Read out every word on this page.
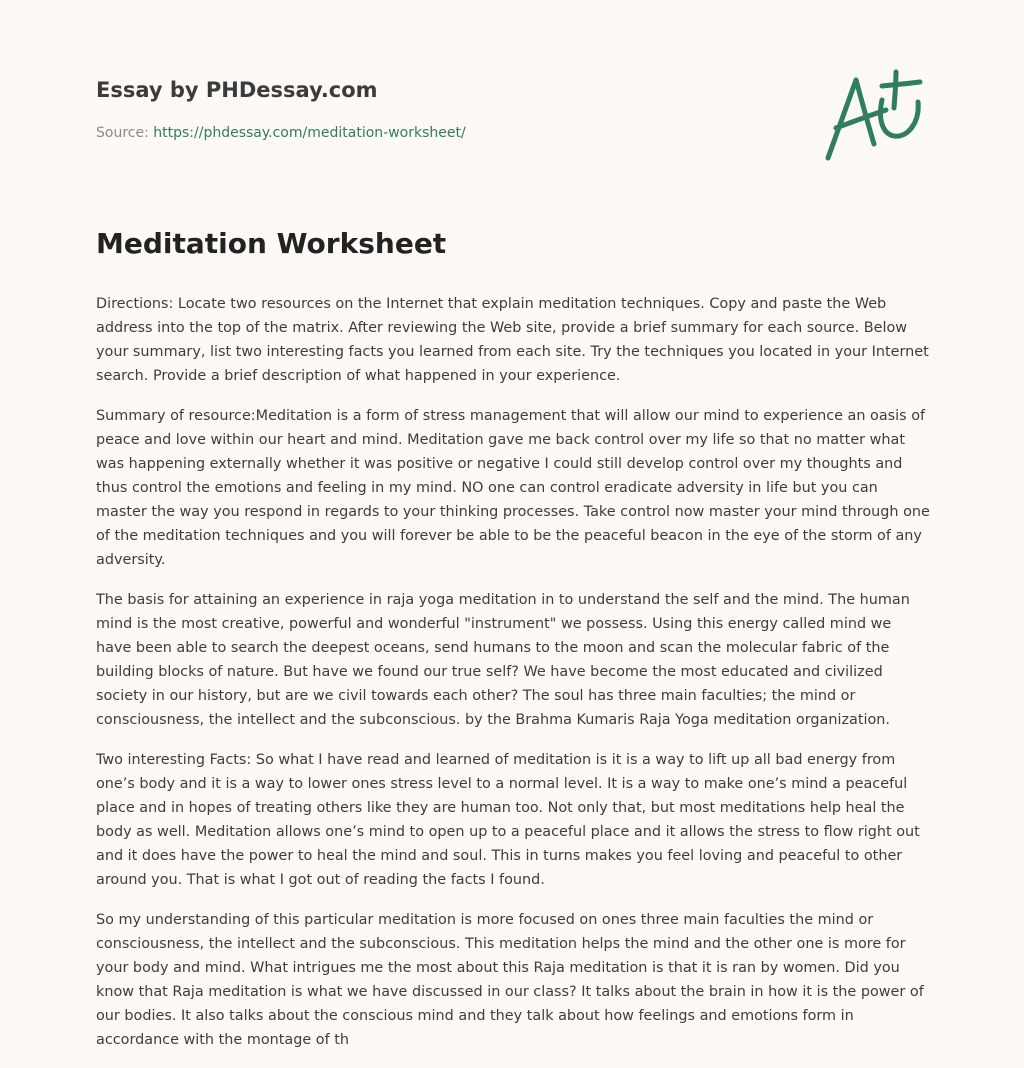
Essay by PHDessay.com
Source: https://phdessay.com/meditation-worksheet/
Meditation Worksheet

Directions: Locate two resources on the Internet that explain meditation techniques. Copy and paste the Web address into the top of the matrix. After reviewing the Web site, provide a brief summary for each source. Below your summary, list two interesting facts you learned from each site. Try the techniques you located in your Internet search. Provide a brief description of what happened in your experience.

Summary of resource:Meditation is a form of stress management that will allow our mind to experience an oasis of peace and love within our heart and mind. Meditation gave me back control over my life so that no matter what was happening externally whether it was positive or negative I could still develop control over my thoughts and thus control the emotions and feeling in my mind. NO one can control eradicate adversity in life but you can master the way you respond in regards to your thinking processes. Take control now master your mind through one of the meditation techniques and you will forever be able to be the peaceful beacon in the eye of the storm of any adversity.

The basis for attaining an experience in raja yoga meditation in to understand the self and the mind. The human mind is the most creative, powerful and wonderful "instrument" we possess. Using this energy called mind we have been able to search the deepest oceans, send humans to the moon and scan the molecular fabric of the building blocks of nature. But have we found our true self? We have become the most educated and civilized society in our history, but are we civil towards each other? The soul has three main faculties; the mind or consciousness, the intellect and the subconscious. by the Brahma Kumaris Raja Yoga meditation organization.

Two interesting Facts: So what I have read and learned of meditation is it is a way to lift up all bad energy from one’s body and it is a way to lower ones stress level to a normal level. It is a way to make one’s mind a peaceful place and in hopes of treating others like they are human too. Not only that, but most meditations help heal the body as well. Meditation allows one’s mind to open up to a peaceful place and it allows the stress to flow right out and it does have the power to heal the mind and soul. This in turns makes you feel loving and peaceful to other around you. That is what I got out of reading the facts I found.

So my understanding of this particular meditation is more focused on ones three main faculties the mind or consciousness, the intellect and the subconscious. This meditation helps the mind and the other one is more for your body and mind. What intrigues me the most about this Raja meditation is that it is ran by women. Did you know that Raja meditation is what we have discussed in our class? It talks about the brain in how it is the power of our bodies. It also talks about the conscious mind and they talk about how feelings and emotions form in accordance with the montage of th
